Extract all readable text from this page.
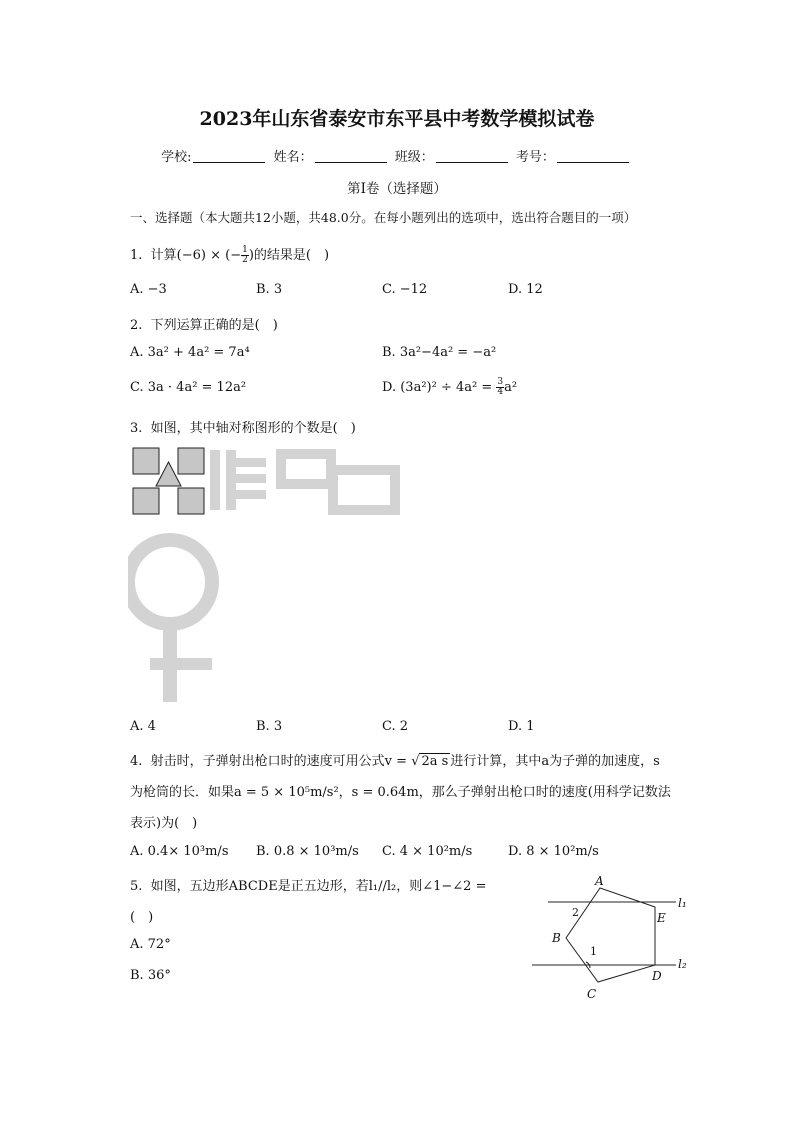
2023年山东省泰安市东平县中考数学模拟试卷
学校:	姓名：	班级：	考号：
第I卷（选择题）
一、选择题（本大题共12小题，共48.0分。在每小题列出的选项中，选出符合题目的一项）
1. 计算(−6) × (− $\frac{1}{2}$ )的结果是(　)
A. −3	B. 3	C. −12	D. 12
2. 下列运算正确的是(　)
A. 3a² + 4a² = 7a⁴	B. 3a²−4a² = −a²
C. 3a · 4a² = 12a²	D. $(3a^2)^2 \div 4a^2 = \frac{3}{4} a^2$
3. 如图，其中轴对称图形的个数是(　)
A. 4	B. 3	C. 2	D. 1
4. 射击时，子弹射出枪口时的速度可用公式v = √ 2a s 进行计算，其中a为子弹的加速度，s
为枪筒的长．如果a = 5 × 10⁵m/s²，s = 0.64m，那么子弹射出枪口时的速度(用科学记数法
表示)为(　)
A. 0.4× 10³m/s B. 0.8 × 10³m/s C. 4 × 10²m/s	D. 8 × 10²m/s
5. 如图，五边形ABCDE是正五边形，若l₁//l₂，则∠1−∠2 =
(　)
A. 72°
B. 36°
A
B
C
D
E
l₁
l₂
1
2
